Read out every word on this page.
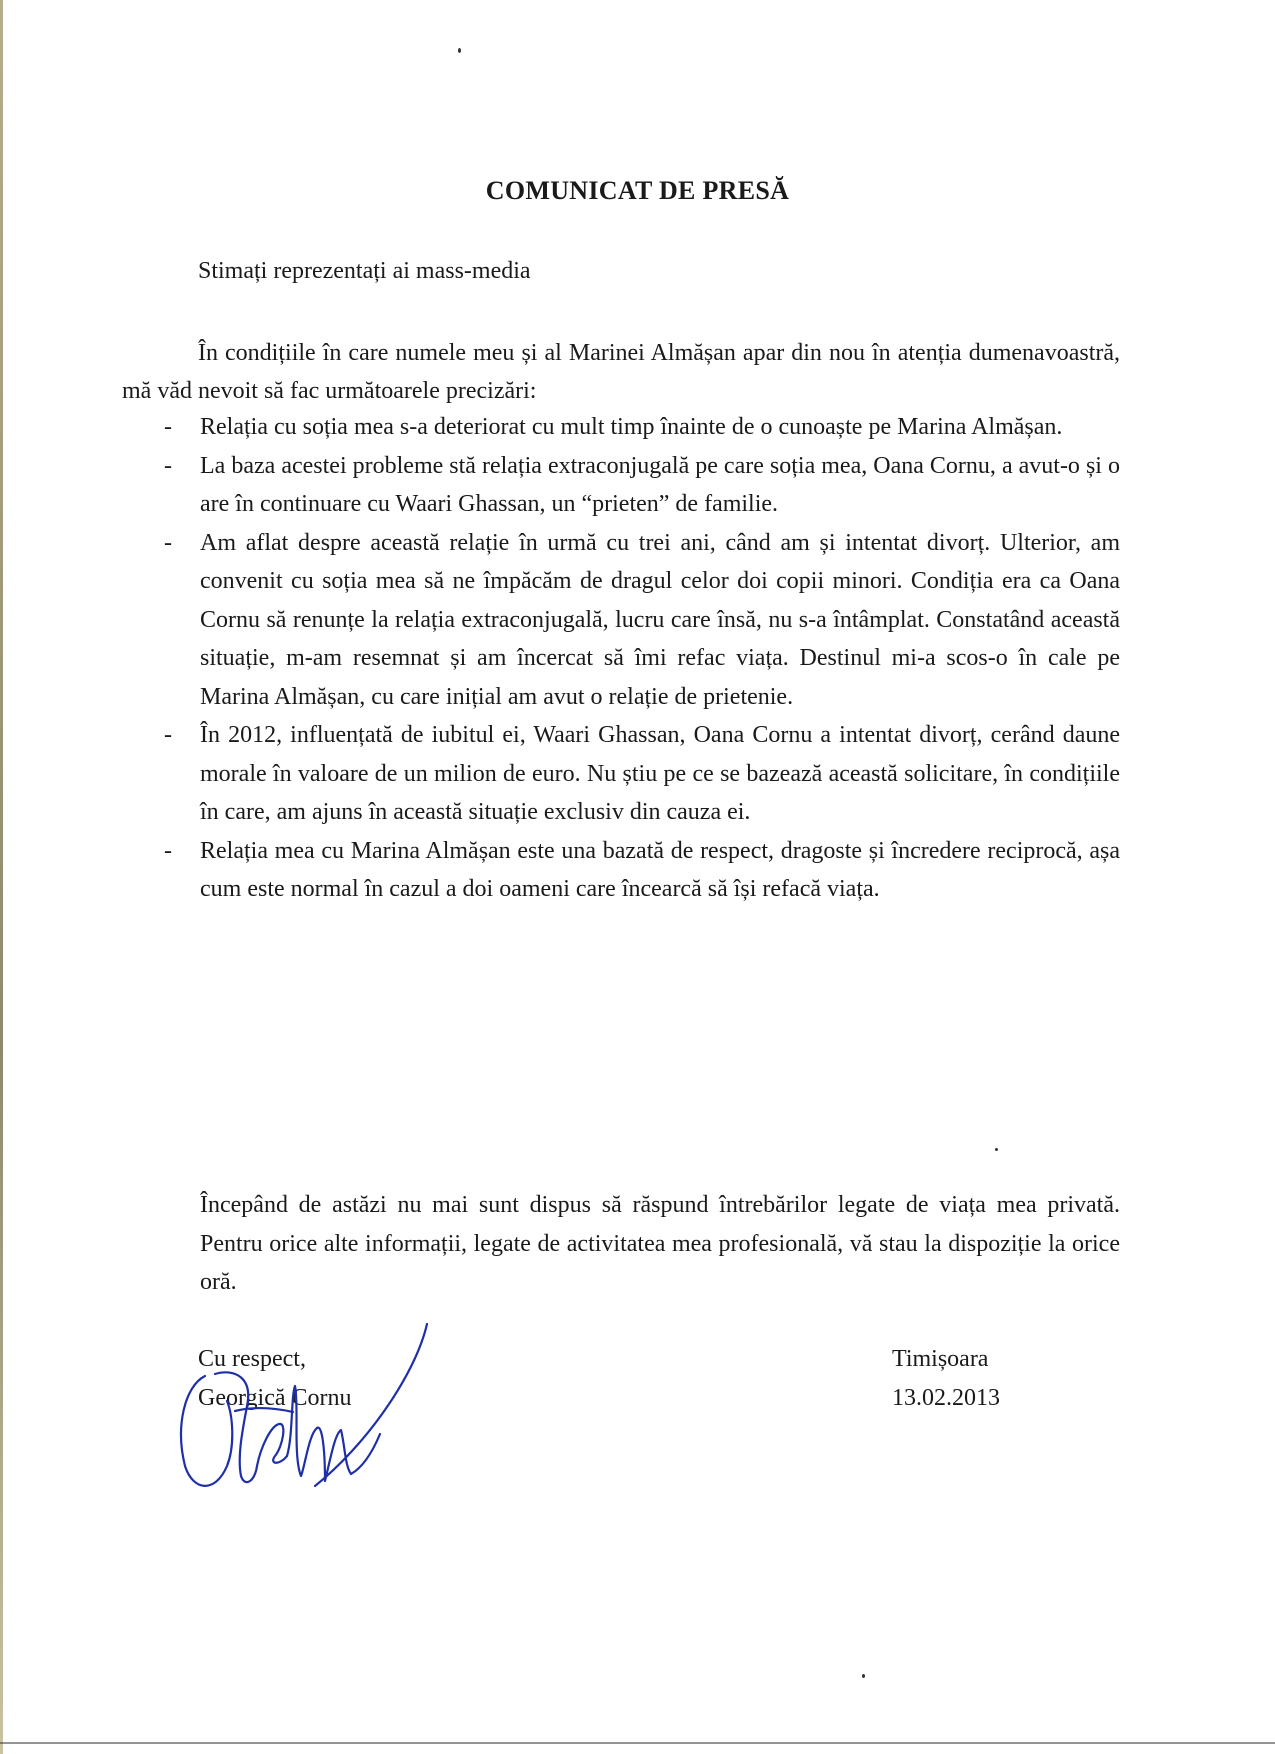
COMUNICAT DE PRESĂ
Stimați reprezentați ai mass-media

În condițiile în care numele meu și al Marinei Almășan apar din nou în atenția dumenavoastră, mă văd nevoit să fac următoarele precizări:

- Relația cu soția mea s-a deteriorat cu mult timp înainte de o cunoaște pe Marina Almășan.
- La baza acestei probleme stă relația extraconjugală pe care soția mea, Oana Cornu, a avut-o și o are în continuare cu Waari Ghassan, un “prieten” de familie.
- Am aflat despre această relație în urmă cu trei ani, când am și intentat divorț. Ulterior, am convenit cu soția mea să ne împăcăm de dragul celor doi copii minori. Condiția era ca Oana Cornu să renunțe la relația extraconjugală, lucru care însă, nu s-a întâmplat. Constatând această situație, m-am resemnat și am încercat să îmi refac viața. Destinul mi-a scos-o în cale pe Marina Almășan, cu care inițial am avut o relație de prietenie.
- În 2012, influențată de iubitul ei, Waari Ghassan, Oana Cornu a intentat divorț, cerând daune morale în valoare de un milion de euro. Nu știu pe ce se bazează această solicitare, în condițiile în care, am ajuns în această situație exclusiv din cauza ei.
- Relația mea cu Marina Almășan este una bazată de respect, dragoste și încredere reciprocă, așa cum este normal în cazul a doi oameni care încearcă să își refacă viața.

Începând de astăzi nu mai sunt dispus să răspund întrebărilor legate de viața mea privată. Pentru orice alte informații, legate de activitatea mea profesională, vă stau la dispoziție la orice oră.

Cu respect,
Georgică Cornu
Timișoara
13.02.2013
